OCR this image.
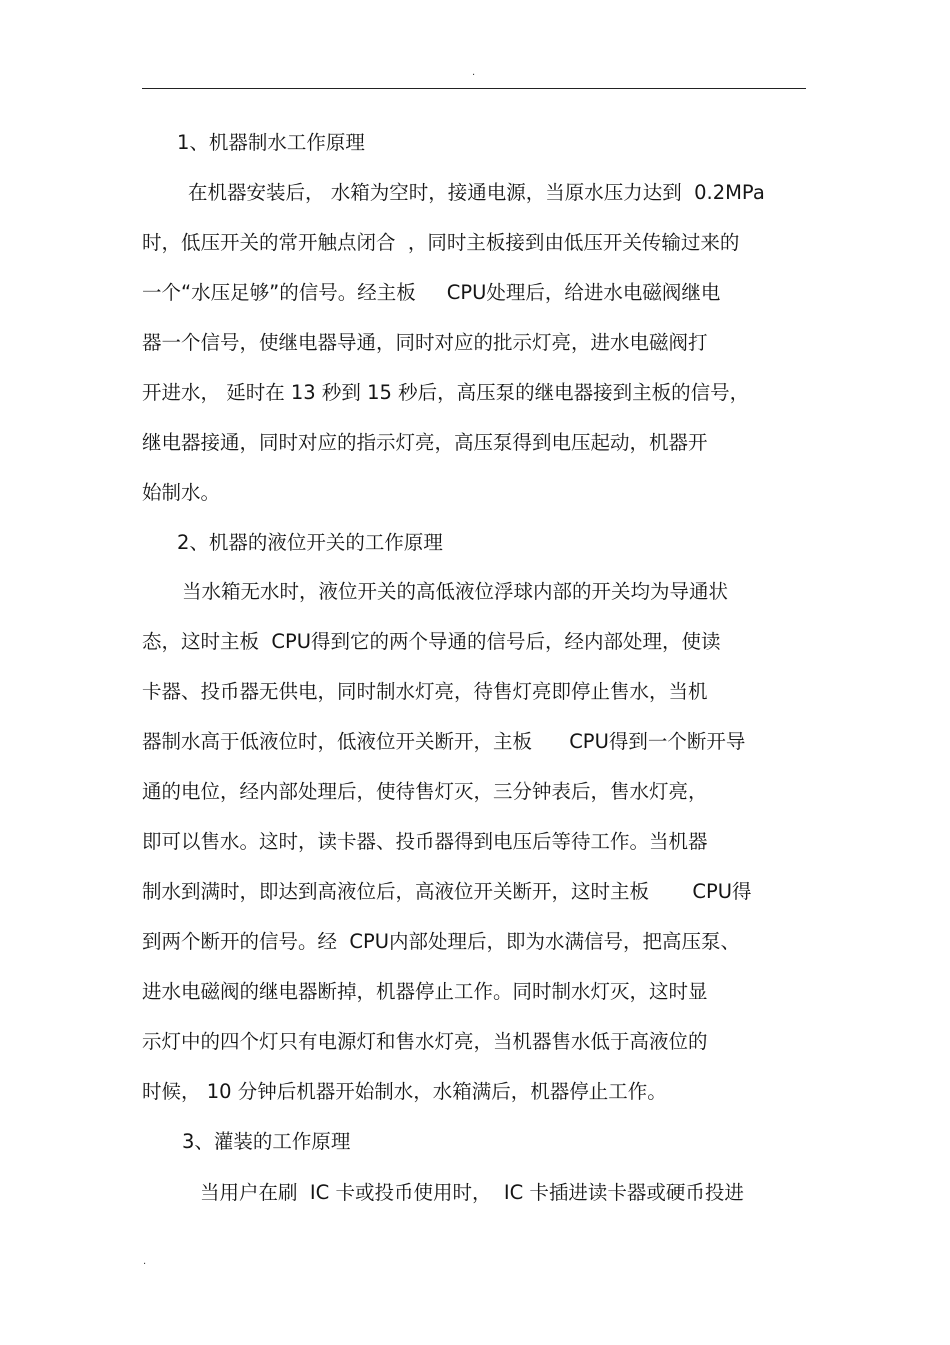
.
1、机器制水工作原理
在机器安装后， 水箱为空时，接通电源，当原水压力达到  0.2MPa
时，低压开关的常开触点闭合  ，同时主板接到由低压开关传输过来的
一个“水压足够”的信号。经主板     CPU处理后，给进水电磁阀继电
器一个信号，使继电器导通，同时对应的批示灯亮，进水电磁阀打
开进水， 延时在 13 秒到 15 秒后，高压泵的继电器接到主板的信号，
继电器接通，同时对应的指示灯亮，高压泵得到电压起动，机器开
始制水。
2、机器的液位开关的工作原理
当水箱无水时，液位开关的高低液位浮球内部的开关均为导通状
态，这时主板  CPU得到它的两个导通的信号后，经内部处理，使读
卡器、投币器无供电，同时制水灯亮，待售灯亮即停止售水，当机
器制水高于低液位时，低液位开关断开，主板      CPU得到一个断开导
通的电位，经内部处理后，使待售灯灭，三分钟表后，售水灯亮，
即可以售水。这时，读卡器、投币器得到电压后等待工作。当机器
制水到满时，即达到高液位后，高液位开关断开，这时主板       CPU得
到两个断开的信号。经  CPU内部处理后，即为水满信号，把高压泵、
进水电磁阀的继电器断掉，机器停止工作。同时制水灯灭，这时显
示灯中的四个灯只有电源灯和售水灯亮，当机器售水低于高液位的
时候， 10 分钟后机器开始制水，水箱满后，机器停止工作。
3、灌装的工作原理
当用户在刷  IC 卡或投币使用时，  IC 卡插进读卡器或硬币投进
.
